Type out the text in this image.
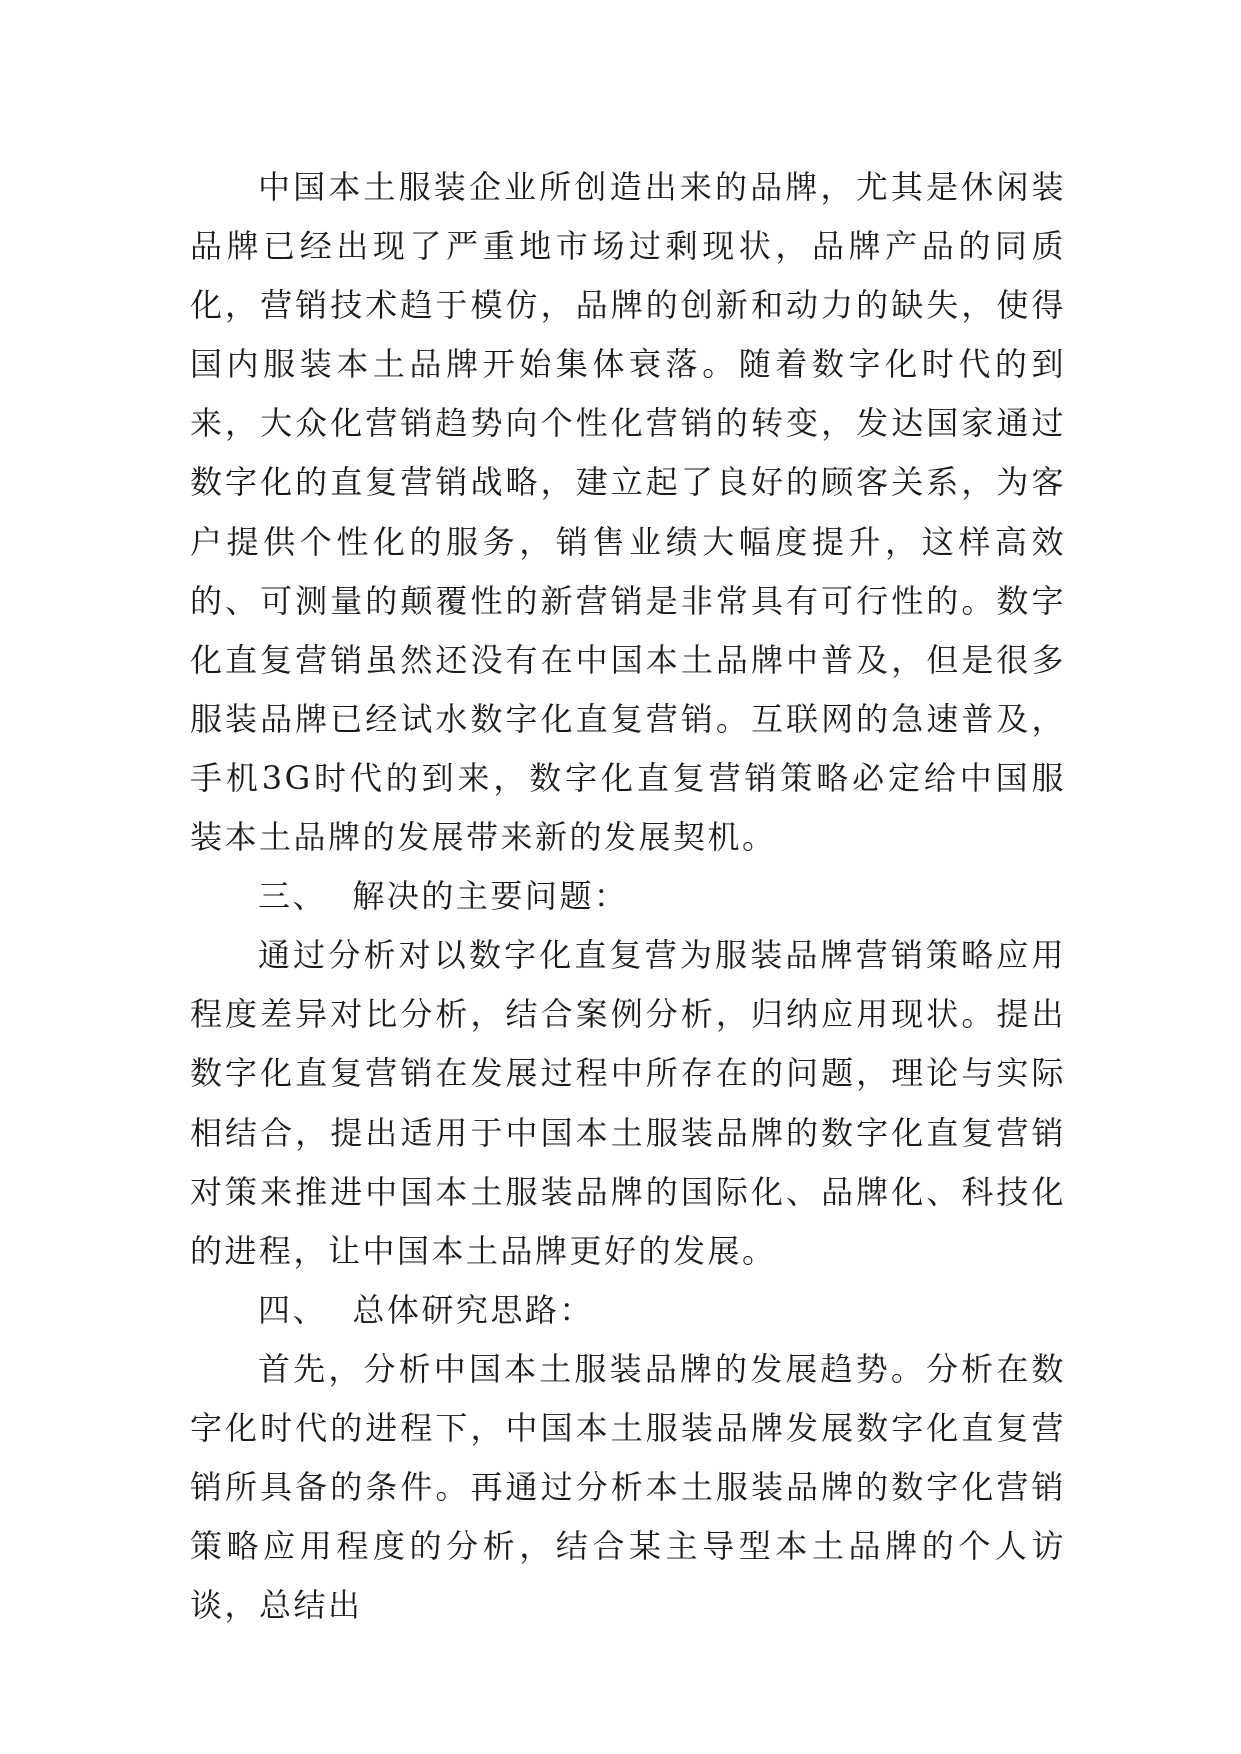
中国本土服装企业所创造出来的品牌，尤其是休闲装品牌已经出现了严重地市场过剩现状，品牌产品的同质化，营销技术趋于模仿，品牌的创新和动力的缺失，使得国内服装本土品牌开始集体衰落。随着数字化时代的到来，大众化营销趋势向个性化营销的转变，发达国家通过数字化的直复营销战略，建立起了良好的顾客关系，为客户提供个性化的服务，销售业绩大幅度提升，这样高效的、可测量的颠覆性的新营销是非常具有可行性的。数字化直复营销虽然还没有在中国本土品牌中普及，但是很多服装品牌已经试水数字化直复营销。互联网的急速普及，手机3G时代的到来，数字化直复营销策略必定给中国服装本土品牌的发展带来新的发展契机。

三、  解决的主要问题：

通过分析对以数字化直复营为服装品牌营销策略应用程度差异对比分析，结合案例分析，归纳应用现状。提出数字化直复营销在发展过程中所存在的问题，理论与实际相结合，提出适用于中国本土服装品牌的数字化直复营销对策来推进中国本土服装品牌的国际化、品牌化、科技化的进程，让中国本土品牌更好的发展。

四、  总体研究思路：

首先，分析中国本土服装品牌的发展趋势。分析在数字化时代的进程下，中国本土服装品牌发展数字化直复营销所具备的条件。再通过分析本土服装品牌的数字化营销策略应用程度的分析，结合某主导型本土品牌的个人访谈，总结出
